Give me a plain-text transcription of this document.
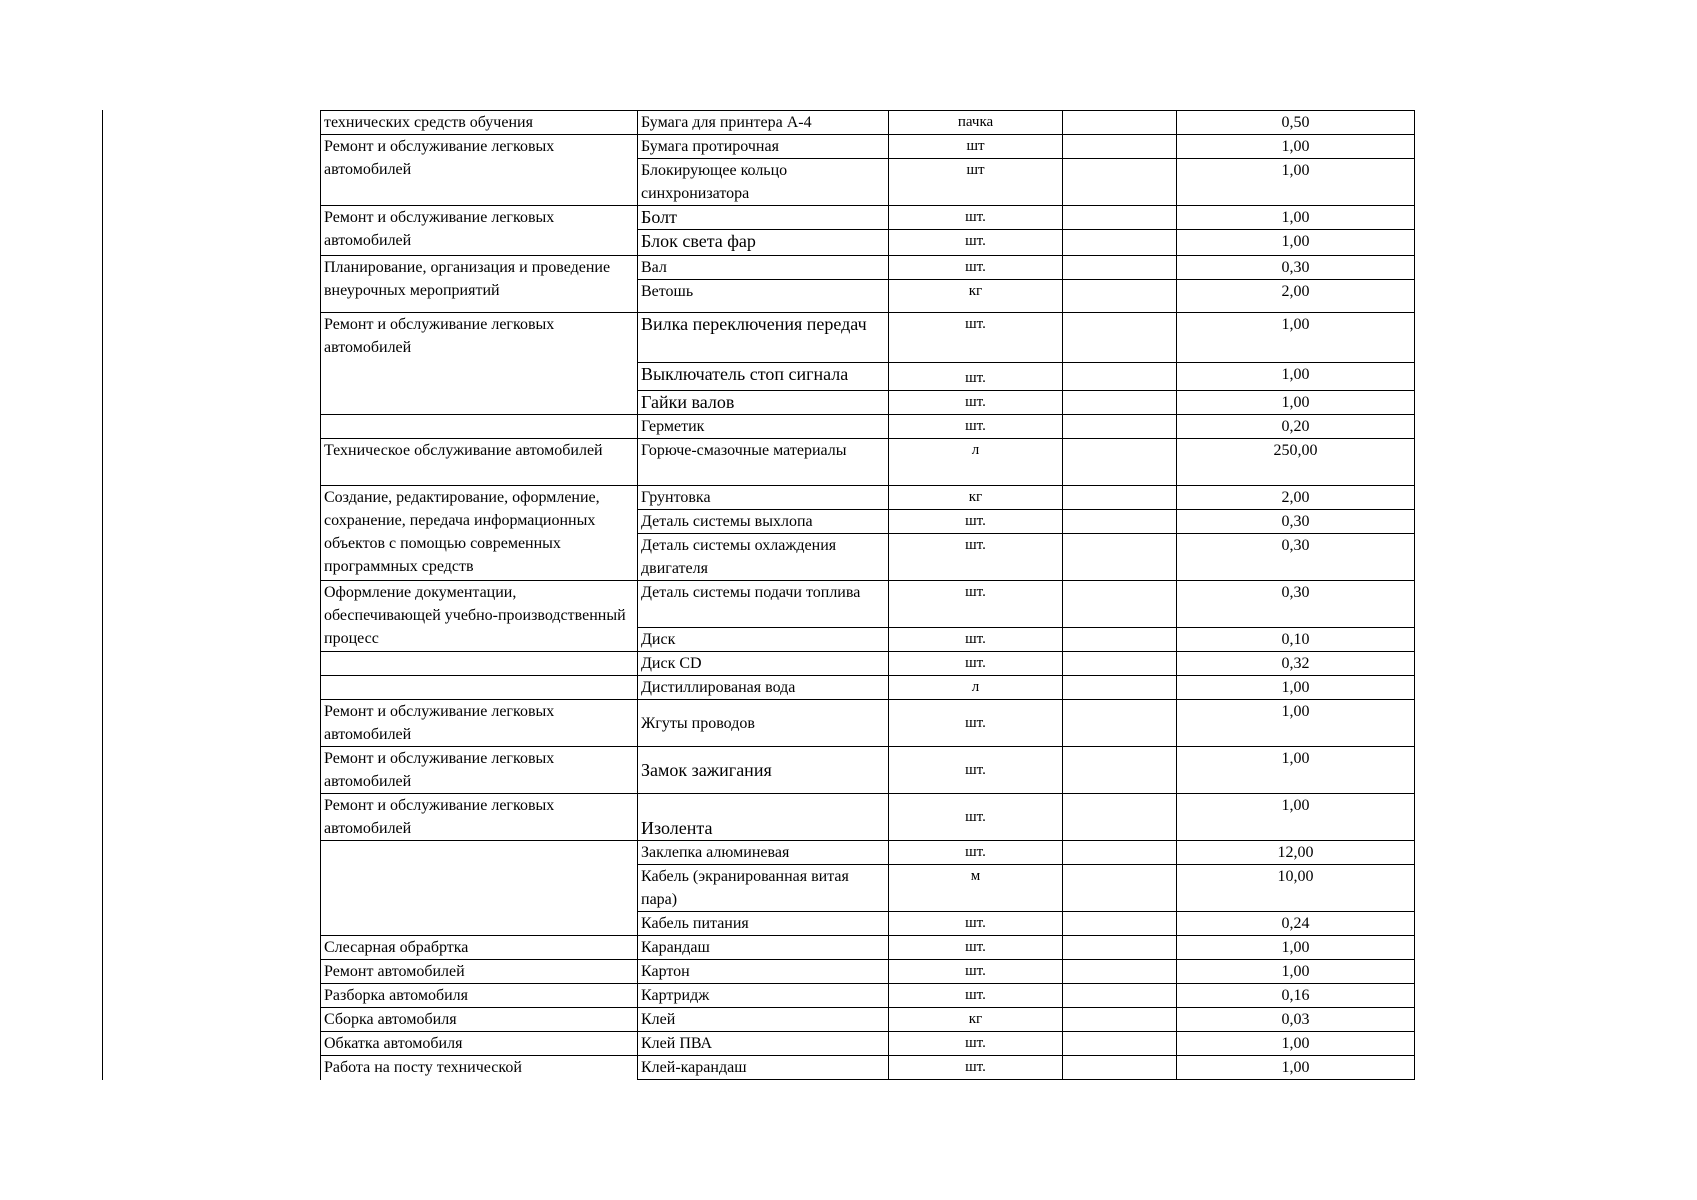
технических средств обучения	Бумага для принтера А-4	пачка		0,50
Ремонт и обслуживание легковых автомобилей	Бумага протирочная	шт		1,00
	Блокирующее кольцо синхронизатора	шт		1,00
Ремонт и обслуживание легковых автомобилей	Болт	шт.		1,00
	Блок света фар	шт.		1,00
Планирование, организация и проведение внеурочных мероприятий	Вал	шт.		0,30
	Ветошь	кг		2,00
Ремонт и обслуживание легковых автомобилей	Вилка переключения передач	шт.		1,00
	Выключатель стоп сигнала	шт.		1,00
	Гайки валов	шт.		1,00
	Герметик	шт.		0,20
Техническое обслуживание автомобилей	Горюче-смазочные материалы	л		250,00
Создание, редактирование, оформление, сохранение, передача информационных объектов с помощью современных программных средств	Грунтовка	кг		2,00
	Деталь системы выхлопа	шт.		0,30
	Деталь системы охлаждения двигателя	шт.		0,30
Оформление документации, обеспечивающей учебно-производственный процесс	Деталь системы подачи топлива	шт.		0,30
	Диск	шт.		0,10
	Диск CD	шт.		0,32
	Дистиллированая вода	л		1,00
Ремонт и обслуживание легковых автомобилей	Жгуты проводов	шт.		1,00
Ремонт и обслуживание легковых автомобилей	Замок зажигания	шт.		1,00
Ремонт и обслуживание легковых автомобилей	Изолента	шт.		1,00
	Заклепка алюминевая	шт.		12,00
	Кабель (экранированная витая пара)	м		10,00
	Кабель питания	шт.		0,24
Слесарная обрабртка	Карандаш	шт.		1,00
Ремонт автомобилей	Картон	шт.		1,00
Разборка автомобиля	Картридж	шт.		0,16
Сборка автомобиля	Клей	кг		0,03
Обкатка автомобиля	Клей ПВА	шт.		1,00
Работа на посту технической	Клей-карандаш	шт.		1,00
